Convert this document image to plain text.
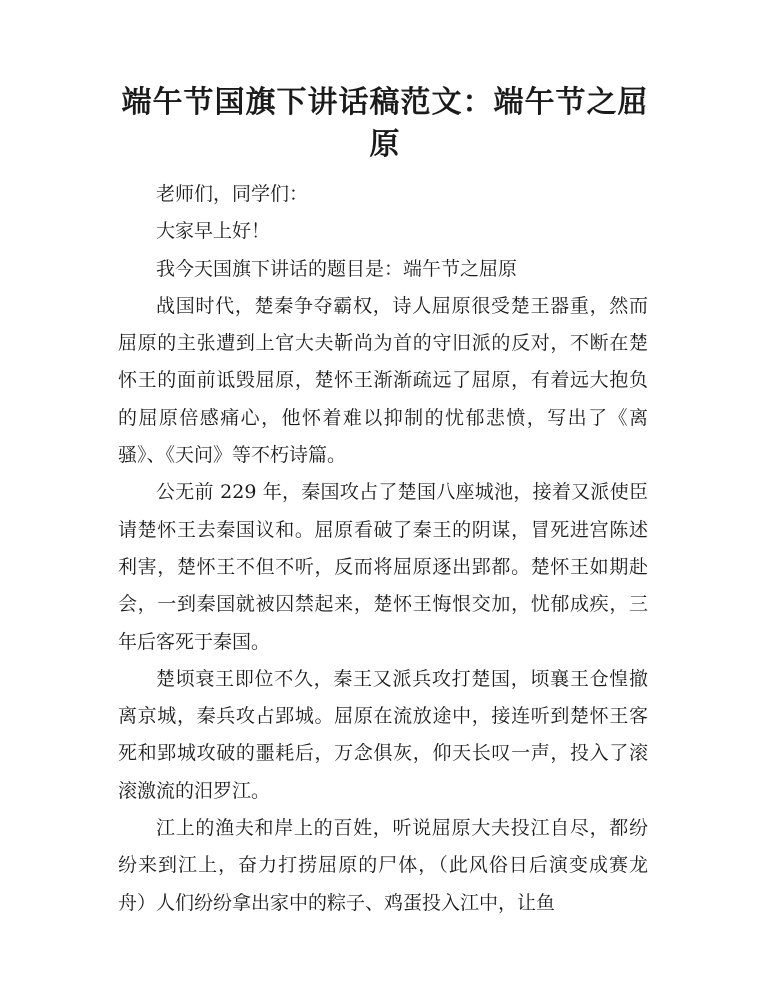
端午节国旗下讲话稿范文：端午节之屈原

老师们，同学们：

大家早上好！

我今天国旗下讲话的题目是：端午节之屈原

战国时代，楚秦争夺霸权，诗人屈原很受楚王器重，然而屈原的主张遭到上官大夫靳尚为首的守旧派的反对，不断在楚怀王的面前诋毁屈原，楚怀王渐渐疏远了屈原，有着远大抱负的屈原倍感痛心，他怀着难以抑制的忧郁悲愤，写出了《离骚》、《天问》等不朽诗篇。

公无前 229 年，秦国攻占了楚国八座城池，接着又派使臣请楚怀王去秦国议和。屈原看破了秦王的阴谋，冒死进宫陈述利害，楚怀王不但不听，反而将屈原逐出郢都。楚怀王如期赴会，一到秦国就被囚禁起来，楚怀王悔恨交加，忧郁成疾，三年后客死于秦国。

楚顷衰王即位不久，秦王又派兵攻打楚国，顷襄王仓惶撤离京城，秦兵攻占郢城。屈原在流放途中，接连听到楚怀王客死和郢城攻破的噩耗后，万念俱灰，仰天长叹一声，投入了滚滚激流的汨罗江。

江上的渔夫和岸上的百姓，听说屈原大夫投江自尽，都纷纷来到江上，奋力打捞屈原的尸体，（此风俗日后演变成赛龙舟）人们纷纷拿出家中的粽子、鸡蛋投入江中，让鱼
